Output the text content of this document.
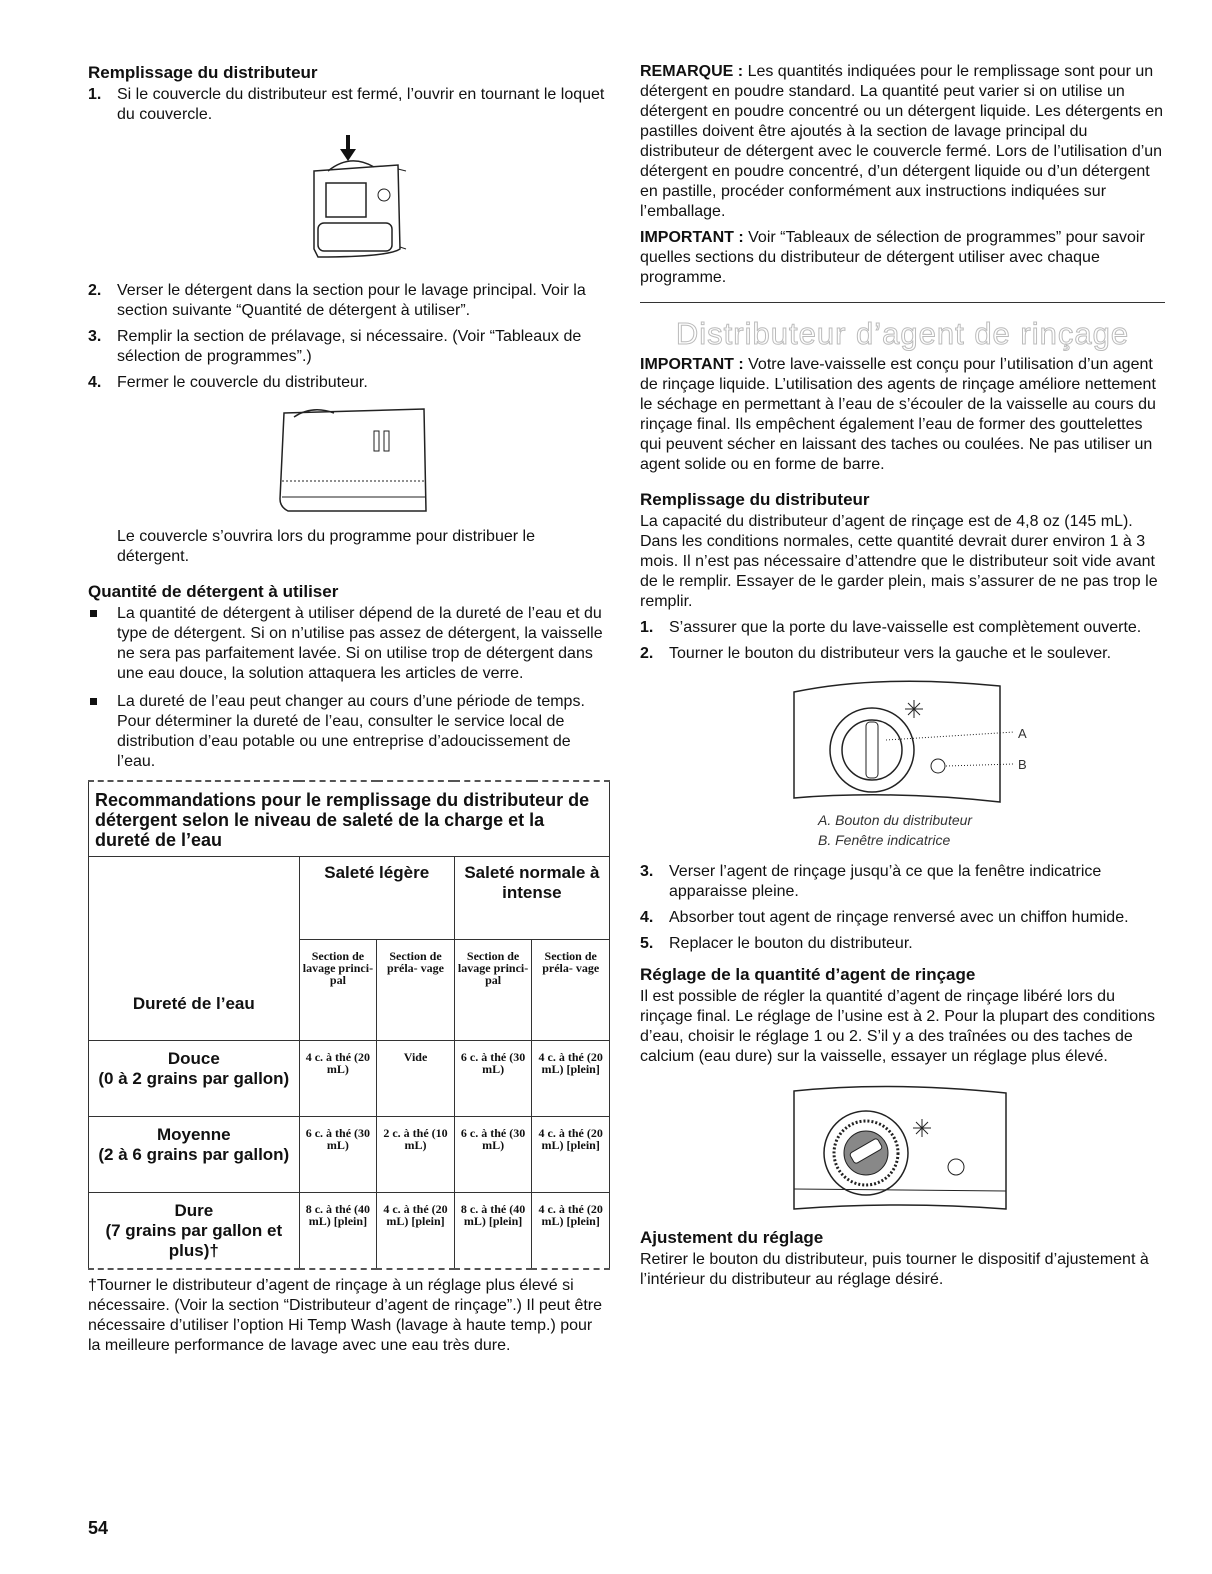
Remplissage du distributeur
1. Si le couvercle du distributeur est fermé, l’ouvrir en tournant le loquet du couvercle.
2. Verser le détergent dans la section pour le lavage principal. Voir la section suivante “Quantité de détergent à utiliser”.
3. Remplir la section de prélavage, si nécessaire. (Voir “Tableaux de sélection de programmes”.)
4. Fermer le couvercle du distributeur.

Le couvercle s’ouvrira lors du programme pour distribuer le détergent.

Quantité de détergent à utiliser
La quantité de détergent à utiliser dépend de la dureté de l’eau et du type de détergent. Si on n’utilise pas assez de détergent, la vaisselle ne sera pas parfaitement lavée. Si on utilise trop de détergent dans une eau douce, la solution attaquera les articles de verre.
La dureté de l’eau peut changer au cours d’une période de temps. Pour déterminer la dureté de l’eau, consulter le service local de distribution d’eau potable ou une entreprise d’adoucissement de l’eau.
Recommandations pour le remplissage du distributeur de détergent selon le niveau de saleté de la charge et la dureté de l’eau				
Dureté de l’eau	Saleté légère		Saleté normale à intense	
	Section de lavage princi- pal	Section de préla- vage	Section de lavage princi- pal	Section de préla- vage

Douce
(0 à 2 grains par gallon)	4 c. à thé (20 mL)	Vide	6 c. à thé (30 mL)	4 c. à thé (20 mL) [plein]

Moyenne
(2 à 6 grains par gallon)	6 c. à thé (30 mL)	2 c. à thé (10 mL)	6 c. à thé (30 mL)	4 c. à thé (20 mL) [plein]

Dure
(7 grains par gallon et plus)†	8 c. à thé (40 mL) [plein]	4 c. à thé (20 mL) [plein]	8 c. à thé (40 mL) [plein]	4 c. à thé (20 mL) [plein]

†Tourner le distributeur d’agent de rinçage à un réglage plus élevé si nécessaire. (Voir la section “Distributeur d’agent de rinçage”.) Il peut être nécessaire d’utiliser l’option Hi Temp Wash (lavage à haute temp.) pour la meilleure performance de lavage avec une eau très dure.

REMARQUE : Les quantités indiquées pour le remplissage sont pour un détergent en poudre standard. La quantité peut varier si on utilise un détergent en poudre concentré ou un détergent liquide. Les détergents en pastilles doivent être ajoutés à la section de lavage principal du distributeur de détergent avec le couvercle fermé. Lors de l’utilisation d’un détergent en poudre concentré, d’un détergent liquide ou d’un détergent en pastille, procéder conformément aux instructions indiquées sur l’emballage.

IMPORTANT : Voir “Tableaux de sélection de programmes” pour savoir quelles sections du distributeur de détergent utiliser avec chaque programme.

Distributeur d’agent de rinçage

IMPORTANT : Votre lave-vaisselle est conçu pour l’utilisation d’un agent de rinçage liquide. L’utilisation des agents de rinçage améliore nettement le séchage en permettant à l’eau de s’écouler de la vaisselle au cours du rinçage final. Ils empêchent également l’eau de former des gouttelettes qui peuvent sécher en laissant des taches ou coulées. Ne pas utiliser un agent solide ou en forme de barre.

Remplissage du distributeur

La capacité du distributeur d’agent de rinçage est de 4,8 oz (145 mL). Dans les conditions normales, cette quantité devrait durer environ 1 à 3 mois. Il n’est pas nécessaire d’attendre que le distributeur soit vide avant de le remplir. Essayer de le garder plein, mais s’assurer de ne pas trop le remplir.

1. S’assurer que la porte du lave-vaisselle est complètement ouverte.
2. Tourner le bouton du distributeur vers la gauche et le soulever.
A
B
A. Bouton du distributeur
B. Fenêtre indicatrice
3. Verser l’agent de rinçage jusqu’à ce que la fenêtre indicatrice apparaisse pleine.
4. Absorber tout agent de rinçage renversé avec un chiffon humide.
5. Replacer le bouton du distributeur.
Réglage de la quantité d’agent de rinçage

Il est possible de régler la quantité d’agent de rinçage libéré lors du rinçage final. Le réglage de l’usine est à 2. Pour la plupart des conditions d’eau, choisir le réglage 1 ou 2. S’il y a des traînées ou des taches de calcium (eau dure) sur la vaisselle, essayer un réglage plus élevé.

Ajustement du réglage

Retirer le bouton du distributeur, puis tourner le dispositif d’ajustement à l’intérieur du distributeur au réglage désiré.

54
